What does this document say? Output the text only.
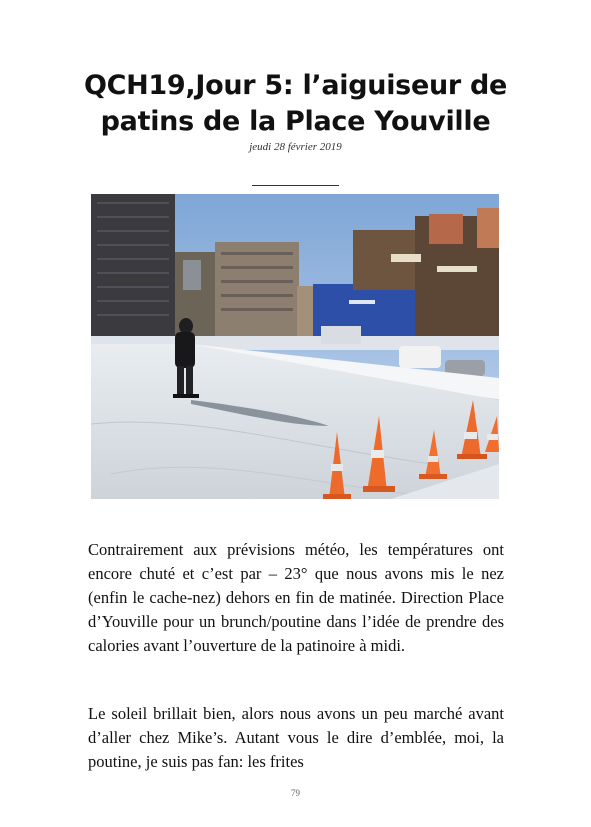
QCH19,Jour 5: l’aiguiseur de patins de la Place Youville
jeudi 28 février 2019

Contrairement aux prévisions météo, les températures ont encore chuté et c’est par – 23° que nous avons mis le nez (enfin le cache-nez) dehors en fin de matinée. Direction Place d’Youville pour un brunch/poutine dans l’idée de prendre des calories avant l’ouverture de la patinoire à midi.

Le soleil brillait bien, alors nous avons un peu marché avant d’aller chez Mike’s. Autant vous le dire d’emblée, moi, la poutine, je suis pas fan: les frites

79
